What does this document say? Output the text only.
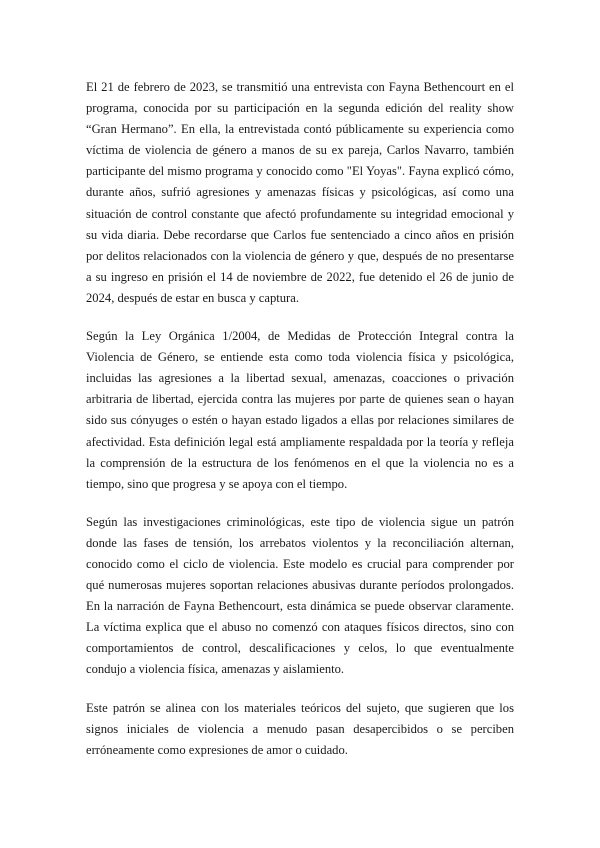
El 21 de febrero de 2023, se transmitió una entrevista con Fayna Bethencourt en el programa, conocida por su participación en la segunda edición del reality show “Gran Hermano”. En ella, la entrevistada contó públicamente su experiencia como víctima de violencia de género a manos de su ex pareja, Carlos Navarro, también participante del mismo programa y conocido como "El Yoyas". Fayna explicó cómo, durante años, sufrió agresiones y amenazas físicas y psicológicas, así como una situación de control constante que afectó profundamente su integridad emocional y su vida diaria. Debe recordarse que Carlos fue sentenciado a cinco años en prisión por delitos relacionados con la violencia de género y que, después de no presentarse a su ingreso en prisión el 14 de noviembre de 2022, fue detenido el 26 de junio de 2024, después de estar en busca y captura.

Según la Ley Orgánica 1/2004, de Medidas de Protección Integral contra la Violencia de Género, se entiende esta como toda violencia física y psicológica, incluidas las agresiones a la libertad sexual, amenazas, coacciones o privación arbitraria de libertad, ejercida contra las mujeres por parte de quienes sean o hayan sido sus cónyuges o estén o hayan estado ligados a ellas por relaciones similares de afectividad. Esta definición legal está ampliamente respaldada por la teoría y refleja la comprensión de la estructura de los fenómenos en el que la violencia no es a tiempo, sino que progresa y se apoya con el tiempo.

Según las investigaciones criminológicas, este tipo de violencia sigue un patrón donde las fases de tensión, los arrebatos violentos y la reconciliación alternan, conocido como el ciclo de violencia. Este modelo es crucial para comprender por qué numerosas mujeres soportan relaciones abusivas durante períodos prolongados. En la narración de Fayna Bethencourt, esta dinámica se puede observar claramente. La víctima explica que el abuso no comenzó con ataques físicos directos, sino con comportamientos de control, descalificaciones y celos, lo que eventualmente condujo a violencia física, amenazas y aislamiento.

Este patrón se alinea con los materiales teóricos del sujeto, que sugieren que los signos iniciales de violencia a menudo pasan desapercibidos o se perciben erróneamente como expresiones de amor o cuidado.
